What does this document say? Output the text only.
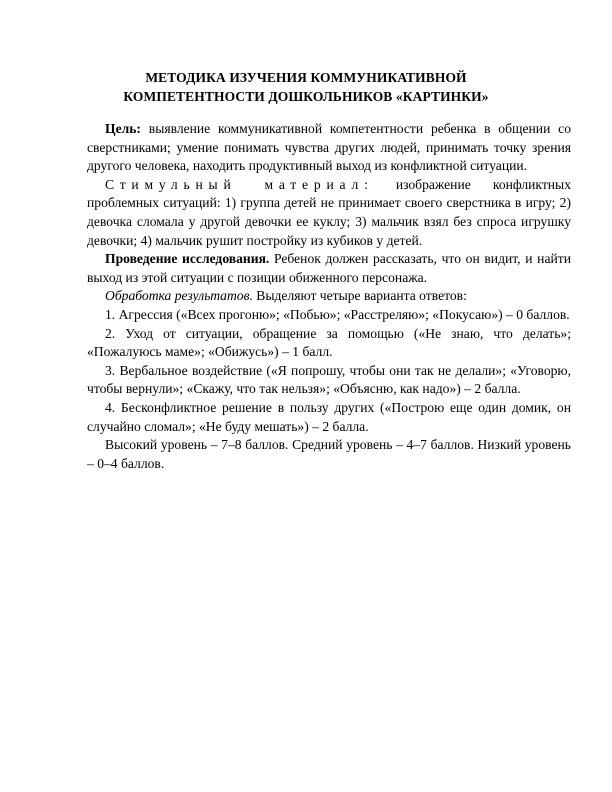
МЕТОДИКА ИЗУЧЕНИЯ КОММУНИКАТИВНОЙ
КОМПЕТЕНТНОСТИ ДОШКОЛЬНИКОВ «КАРТИНКИ»

Цель: выявление коммуникативной компетентности ребенка в общении со сверстниками; умение понимать чувства других людей, принимать точку зрения другого человека, находить продуктивный выход из конфликтной ситуации.

Стимульный материал: изображение конфликтных проблемных ситуаций: 1) группа детей не принимает своего сверстника в игру; 2) девочка сломала у другой девочки ее куклу; 3) мальчик взял без спроса игрушку девочки; 4) мальчик рушит постройку из кубиков у детей.

Проведение исследования. Ребенок должен рассказать, что он видит, и найти выход из этой ситуации с позиции обиженного персонажа.

Обработка результатов. Выделяют четыре варианта ответов:

1. Агрессия («Всех прогоню»; «Побью»; «Расстреляю»; «Покусаю») – 0 баллов.

2. Уход от ситуации, обращение за помощью («Не знаю, что делать»; «Пожалуюсь маме»; «Обижусь») – 1 балл.

3. Вербальное воздействие («Я попрошу, чтобы они так не делали»; «Уговорю, чтобы вернули»; «Скажу, что так нельзя»; «Объясню, как надо») – 2 балла.

4. Бесконфликтное решение в пользу других («Построю еще один домик, он случайно сломал»; «Не буду мешать») – 2 балла.

Высокий уровень – 7–8 баллов. Средний уровень – 4–7 баллов. Низкий уровень – 0–4 баллов.
